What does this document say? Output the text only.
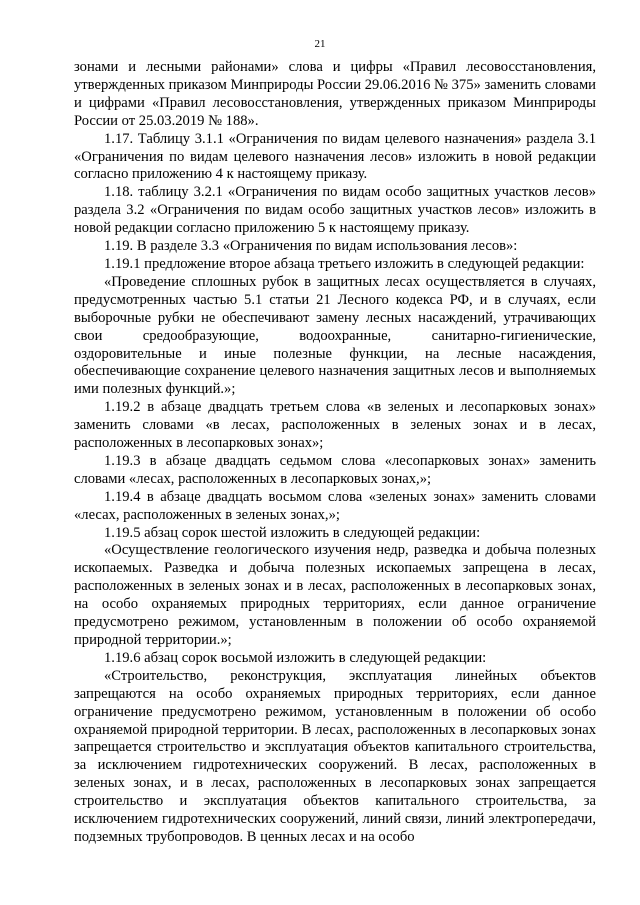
21

зонами и лесными районами» слова и цифры «Правил лесовосстановления, утвержденных приказом Минприроды России 29.06.2016 № 375» заменить словами и цифрами «Правил лесовосстановления, утвержденных приказом Минприроды России от 25.03.2019 № 188».

1.17. Таблицу 3.1.1 «Ограничения по видам целевого назначения» раздела 3.1 «Ограничения по видам целевого назначения лесов» изложить в новой редакции согласно приложению 4 к настоящему приказу.

1.18. таблицу 3.2.1 «Ограничения по видам особо защитных участков лесов» раздела 3.2 «Ограничения по видам особо защитных участков лесов» изложить в новой редакции согласно приложению 5 к настоящему приказу.

1.19. В разделе 3.3 «Ограничения по видам использования лесов»:

1.19.1 предложение второе абзаца третьего изложить в следующей редакции:

«Проведение сплошных рубок в защитных лесах осуществляется в случаях, предусмотренных частью 5.1 статьи 21 Лесного кодекса РФ, и в случаях, если выборочные рубки не обеспечивают замену лесных насаждений, утрачивающих свои средообразующие, водоохранные, санитарно-гигиенические, оздоровительные и иные полезные функции, на лесные насаждения, обеспечивающие сохранение целевого назначения защитных лесов и выполняемых ими полезных функций.»;

1.19.2 в абзаце двадцать третьем слова «в зеленых и лесопарковых зонах» заменить словами «в лесах, расположенных в зеленых зонах и в лесах, расположенных в лесопарковых зонах»;

1.19.3 в абзаце двадцать седьмом слова «лесопарковых зонах» заменить словами «лесах, расположенных в лесопарковых зонах,»;

1.19.4 в абзаце двадцать восьмом слова «зеленых зонах» заменить словами «лесах, расположенных в зеленых зонах,»;

1.19.5 абзац сорок шестой изложить в следующей редакции:

«Осуществление геологического изучения недр, разведка и добыча полезных ископаемых. Разведка и добыча полезных ископаемых запрещена в лесах, расположенных в зеленых зонах и в лесах, расположенных в лесопарковых зонах, на особо охраняемых природных территориях, если данное ограничение предусмотрено режимом, установленным в положении об особо охраняемой природной территории.»;

1.19.6 абзац сорок восьмой изложить в следующей редакции:

«Строительство, реконструкция, эксплуатация линейных объектов запрещаются на особо охраняемых природных территориях, если данное ограничение предусмотрено режимом, установленным в положении об особо охраняемой природной территории. В лесах, расположенных в лесопарковых зонах запрещается строительство и эксплуатация объектов капитального строительства, за исключением гидротехнических сооружений. В лесах, расположенных в зеленых зонах, и в лесах, расположенных в лесопарковых зонах запрещается строительство и эксплуатация объектов капитального строительства, за исключением гидротехнических сооружений, линий связи, линий электропередачи, подземных трубопроводов. В ценных лесах и на особо
